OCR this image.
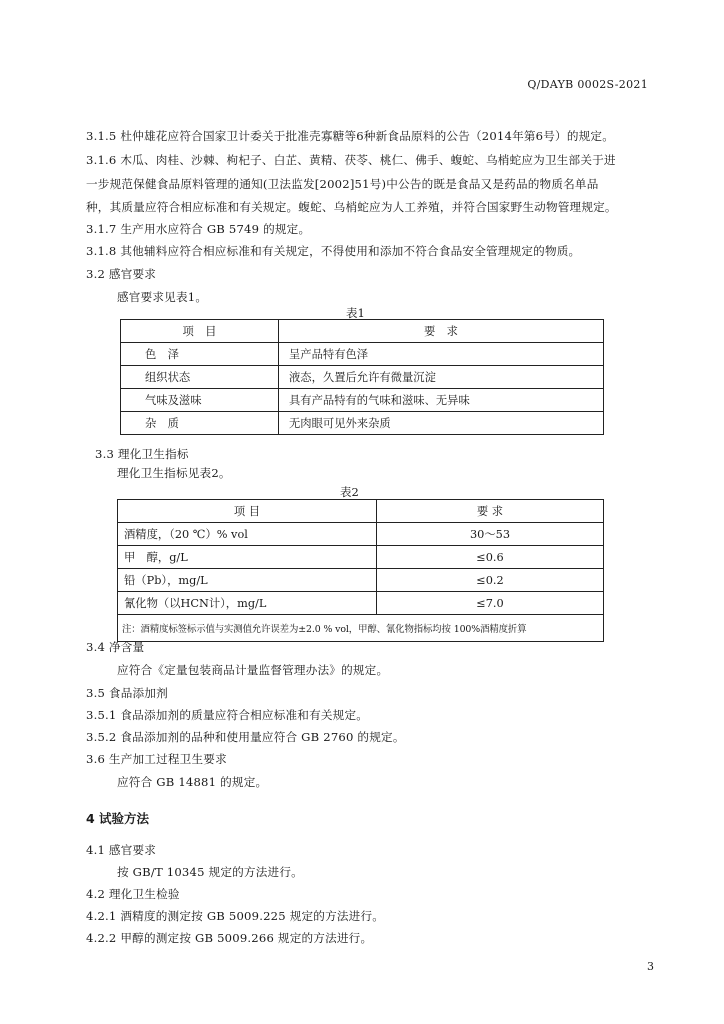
Q/DAYB 0002S-2021
3.1.5 杜仲雄花应符合国家卫计委关于批准壳寡糖等6种新食品原料的公告（2014年第6号）的规定。
3.1.6 木瓜、肉桂、沙棘、枸杞子、白芷、黄精、茯苓、桃仁、佛手、蝮蛇、乌梢蛇应为卫生部关于进
一步规范保健食品原料管理的通知(卫法监发[2002]51号)中公告的既是食品又是药品的物质名单品
种，其质量应符合相应标准和有关规定。蝮蛇、乌梢蛇应为人工养殖，并符合国家野生动物管理规定。
3.1.7 生产用水应符合 GB 5749 的规定。
3.1.8 其他辅料应符合相应标准和有关规定，不得使用和添加不符合食品安全管理规定的物质。
3.2 感官要求
感官要求见表1。
表1
项　目	要　求
色　泽	呈产品特有色泽
组织状态	液态，久置后允许有微量沉淀
气味及滋味	具有产品特有的气味和滋味、无异味
杂　质	无肉眼可见外来杂质
3.3 理化卫生指标
理化卫生指标见表2。
表2
项 目	要 求
酒精度，（20 ℃）% vol	30～53
甲　醇，g/L	≤0.6
铅（Pb），mg/L	≤0.2
氰化物（以HCN计），mg/L	≤7.0
注：酒精度标签标示值与实测值允许误差为±2.0 % vol，甲醇、氰化物指标均按 100%酒精度折算	
3.4 净含量
应符合《定量包装商品计量监督管理办法》的规定。
3.5 食品添加剂
3.5.1 食品添加剂的质量应符合相应标准和有关规定。
3.5.2 食品添加剂的品种和使用量应符合 GB 2760 的规定。
3.6 生产加工过程卫生要求
应符合 GB 14881 的规定。
4 试验方法
4.1 感官要求
按 GB/T 10345 规定的方法进行。
4.2 理化卫生检验
4.2.1 酒精度的测定按 GB 5009.225 规定的方法进行。
4.2.2 甲醇的测定按 GB 5009.266 规定的方法进行。
3
